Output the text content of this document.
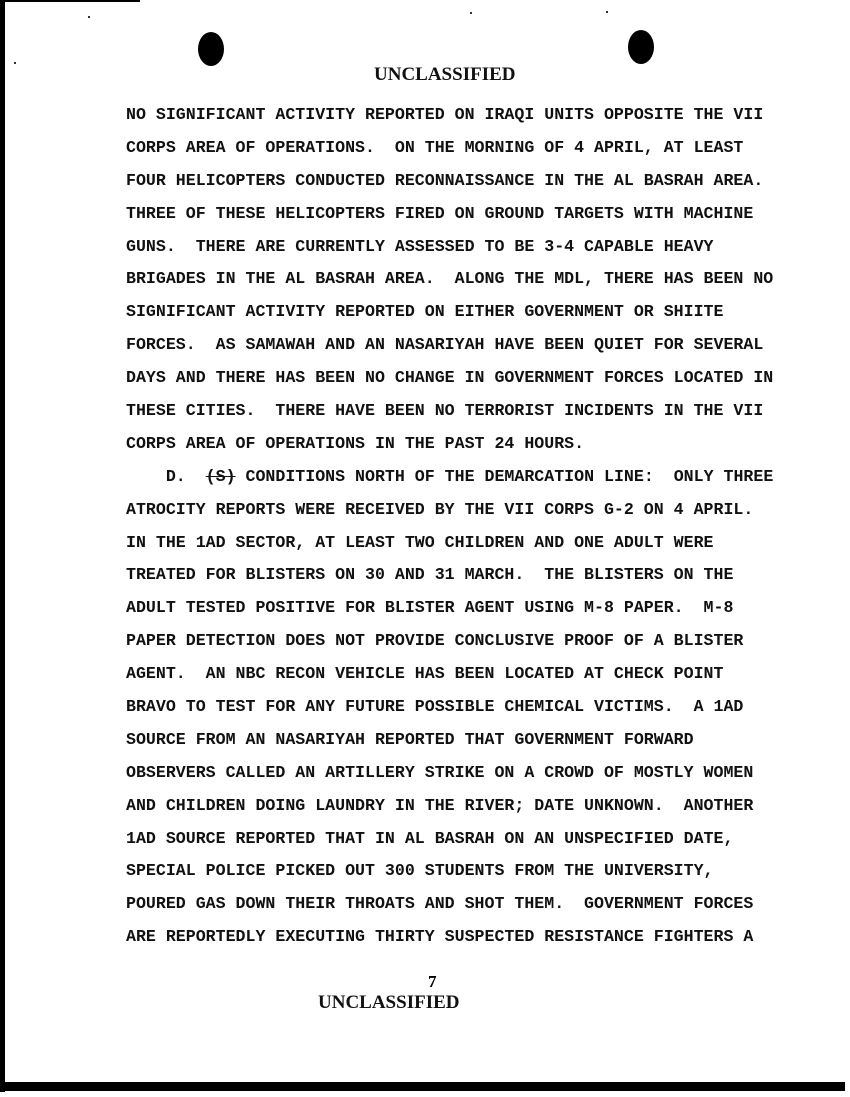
UNCLASSIFIED
NO SIGNIFICANT ACTIVITY REPORTED ON IRAQI UNITS OPPOSITE THE VII
CORPS AREA OF OPERATIONS.  ON THE MORNING OF 4 APRIL, AT LEAST
FOUR HELICOPTERS CONDUCTED RECONNAISSANCE IN THE AL BASRAH AREA.
THREE OF THESE HELICOPTERS FIRED ON GROUND TARGETS WITH MACHINE
GUNS.  THERE ARE CURRENTLY ASSESSED TO BE 3-4 CAPABLE HEAVY
BRIGADES IN THE AL BASRAH AREA.  ALONG THE MDL, THERE HAS BEEN NO
SIGNIFICANT ACTIVITY REPORTED ON EITHER GOVERNMENT OR SHIITE
FORCES.  AS SAMAWAH AND AN NASARIYAH HAVE BEEN QUIET FOR SEVERAL
DAYS AND THERE HAS BEEN NO CHANGE IN GOVERNMENT FORCES LOCATED IN
THESE CITIES.  THERE HAVE BEEN NO TERRORIST INCIDENTS IN THE VII
CORPS AREA OF OPERATIONS IN THE PAST 24 HOURS.
D.  (S) CONDITIONS NORTH OF THE DEMARCATION LINE:  ONLY THREE
ATROCITY REPORTS WERE RECEIVED BY THE VII CORPS G-2 ON 4 APRIL.
IN THE 1AD SECTOR, AT LEAST TWO CHILDREN AND ONE ADULT WERE
TREATED FOR BLISTERS ON 30 AND 31 MARCH.  THE BLISTERS ON THE
ADULT TESTED POSITIVE FOR BLISTER AGENT USING M-8 PAPER.  M-8
PAPER DETECTION DOES NOT PROVIDE CONCLUSIVE PROOF OF A BLISTER
AGENT.  AN NBC RECON VEHICLE HAS BEEN LOCATED AT CHECK POINT
BRAVO TO TEST FOR ANY FUTURE POSSIBLE CHEMICAL VICTIMS.  A 1AD
SOURCE FROM AN NASARIYAH REPORTED THAT GOVERNMENT FORWARD
OBSERVERS CALLED AN ARTILLERY STRIKE ON A CROWD OF MOSTLY WOMEN
AND CHILDREN DOING LAUNDRY IN THE RIVER; DATE UNKNOWN.  ANOTHER
1AD SOURCE REPORTED THAT IN AL BASRAH ON AN UNSPECIFIED DATE,
SPECIAL POLICE PICKED OUT 300 STUDENTS FROM THE UNIVERSITY,
POURED GAS DOWN THEIR THROATS AND SHOT THEM.  GOVERNMENT FORCES
ARE REPORTEDLY EXECUTING THIRTY SUSPECTED RESISTANCE FIGHTERS A
7
UNCLASSIFIED
